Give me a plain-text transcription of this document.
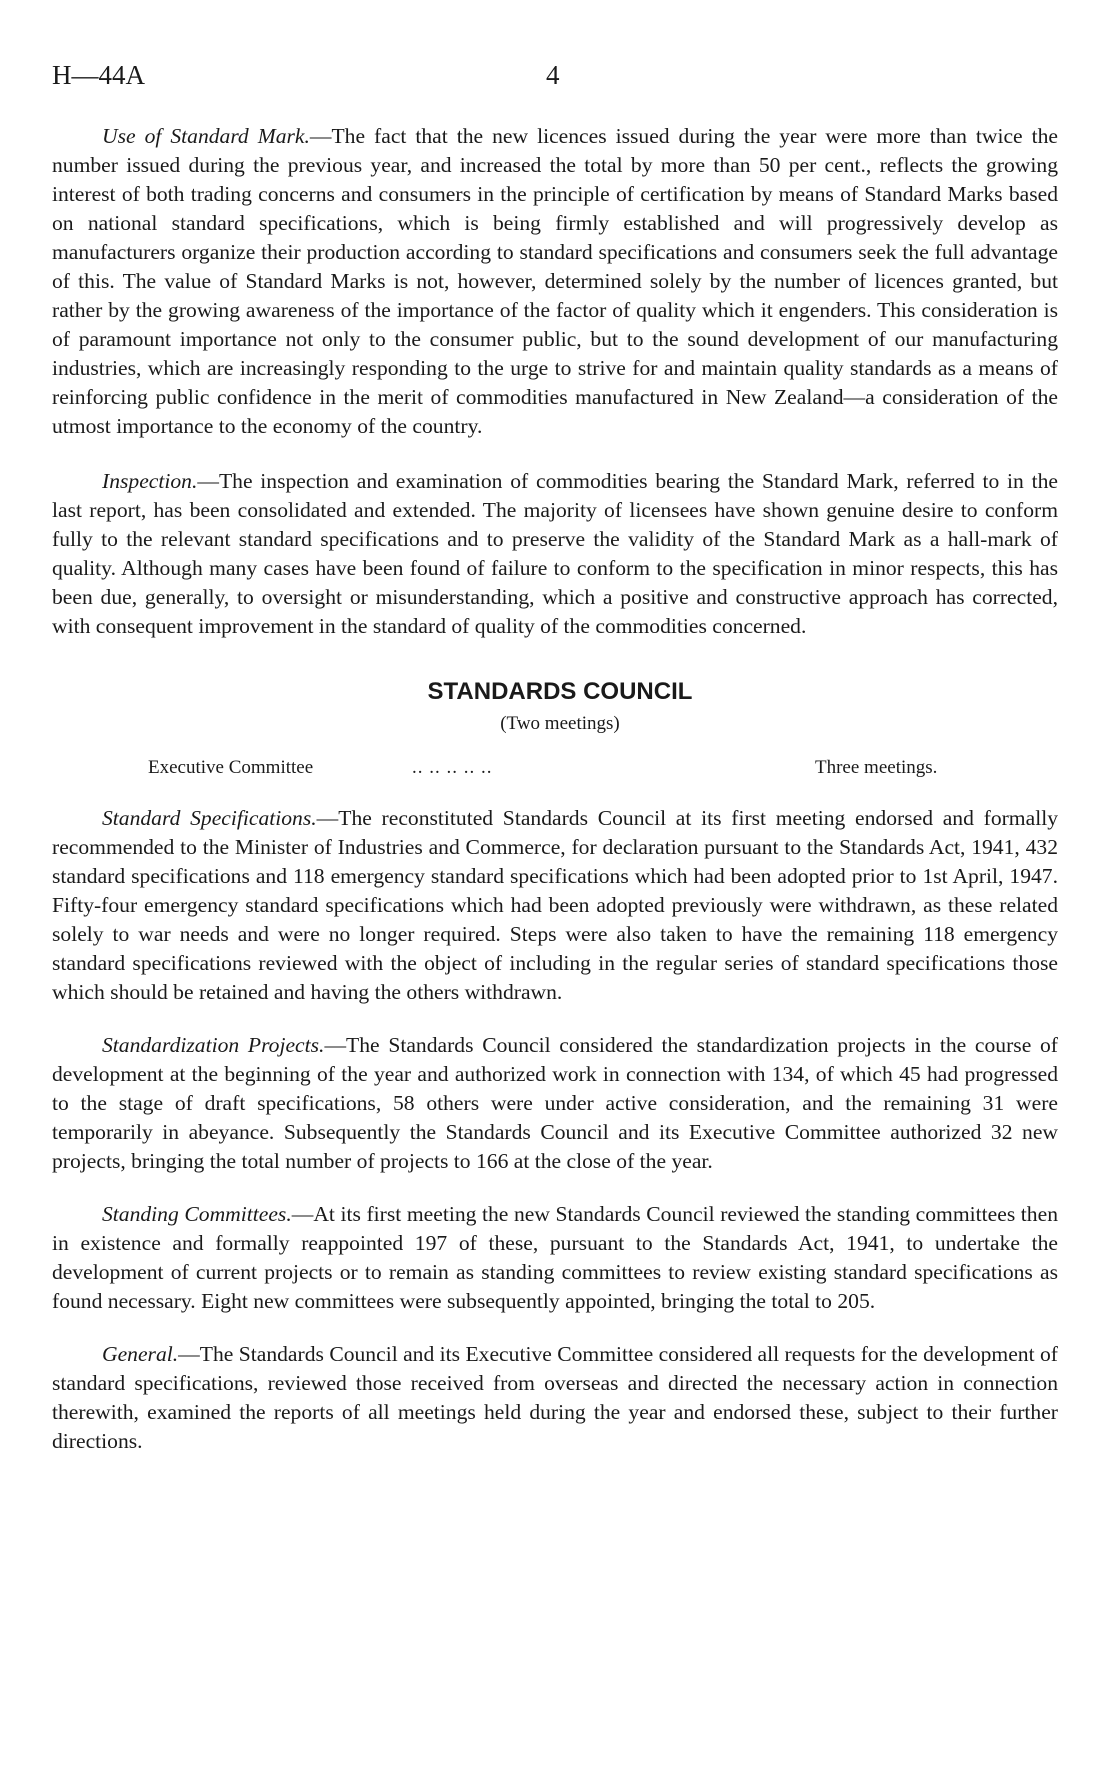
H—44A	4

Use of Standard Mark.—The fact that the new licences issued during the year were more than twice the number issued during the previous year, and increased the total by more than 50 per cent., reflects the growing interest of both trading concerns and consumers in the principle of certification by means of Standard Marks based on national standard specifications, which is being firmly established and will progressively develop as manufacturers organize their production according to standard specifications and consumers seek the full advantage of this. The value of Standard Marks is not, however, determined solely by the number of licences granted, but rather by the growing awareness of the importance of the factor of quality which it engenders. This consideration is of paramount importance not only to the consumer public, but to the sound development of our manufacturing industries, which are increasingly responding to the urge to strive for and maintain quality standards as a means of reinforcing public confidence in the merit of commodities manufactured in New Zealand—a consideration of the utmost importance to the economy of the country.

Inspection.—The inspection and examination of commodities bearing the Standard Mark, referred to in the last report, has been consolidated and extended. The majority of licensees have shown genuine desire to conform fully to the relevant standard specifications and to preserve the validity of the Standard Mark as a hall-mark of quality. Although many cases have been found of failure to conform to the specification in minor respects, this has been due, generally, to oversight or misunderstanding, which a positive and constructive approach has corrected, with consequent improvement in the standard of quality of the commodities concerned.

STANDARDS COUNCIL
(Two meetings)
Executive Committee	.. .. .. .. ..	Three meetings.

Standard Specifications.—The reconstituted Standards Council at its first meeting endorsed and formally recommended to the Minister of Industries and Commerce, for declaration pursuant to the Standards Act, 1941, 432 standard specifications and 118 emergency standard specifications which had been adopted prior to 1st April, 1947. Fifty-four emergency standard specifications which had been adopted previously were withdrawn, as these related solely to war needs and were no longer required. Steps were also taken to have the remaining 118 emergency standard specifications reviewed with the object of including in the regular series of standard specifications those which should be retained and having the others withdrawn.

Standardization Projects.—The Standards Council considered the standardization projects in the course of development at the beginning of the year and authorized work in connection with 134, of which 45 had progressed to the stage of draft specifications, 58 others were under active consideration, and the remaining 31 were temporarily in abeyance. Subsequently the Standards Council and its Executive Committee authorized 32 new projects, bringing the total number of projects to 166 at the close of the year.

Standing Committees.—At its first meeting the new Standards Council reviewed the standing committees then in existence and formally reappointed 197 of these, pursuant to the Standards Act, 1941, to undertake the development of current projects or to remain as standing committees to review existing standard specifications as found necessary. Eight new committees were subsequently appointed, bringing the total to 205.

General.—The Standards Council and its Executive Committee considered all requests for the development of standard specifications, reviewed those received from overseas and directed the necessary action in connection therewith, examined the reports of all meetings held during the year and endorsed these, subject to their further directions.
